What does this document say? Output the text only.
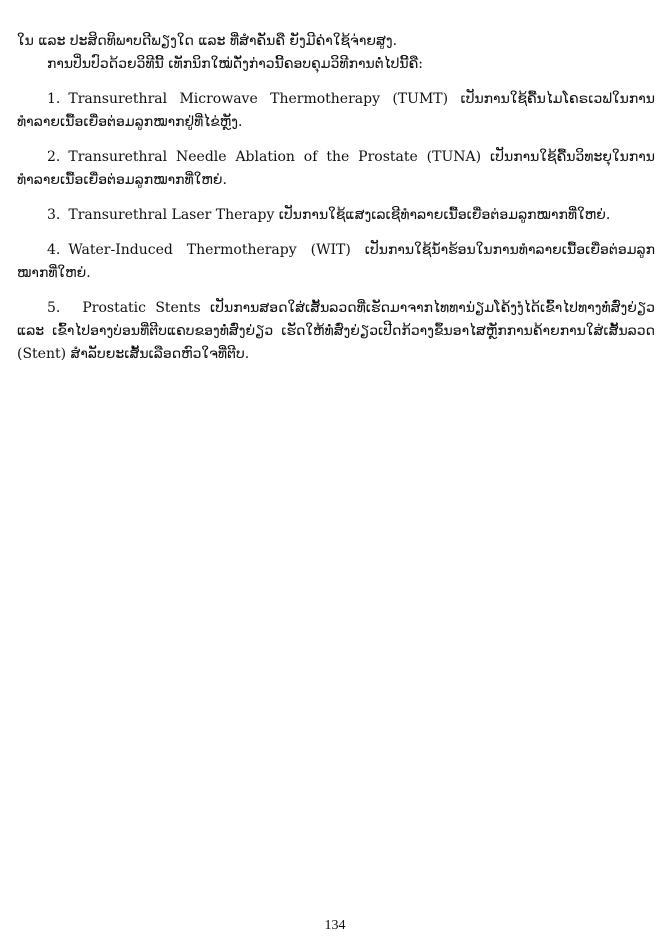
ໃນ ແລະ ປະສິດທິພາບດີພຽງໃດ ແລະ ທີ່ສຳຄັນຄື ຍັງມີຄ່າໃຊ້ຈ່າຍສູງ.

ການປິ່ນປົວດ້ວຍວິທີນີ້ ເທັກນິກໃໝ່ດັ່ງກ່າວນີ້ຄອບຄຸມວິທີການຕໍ່ໄປນີ້ຄື:

1. Transurethral Microwave Thermotherapy (TUMT) ເປັນການໃຊ້ຄື້ນໄມໂຄຣເວຟໃນການທຳລາຍເນື້ອເຍື່ອຕ່ອມລູກໝາກຢູ່ທີ່ໄຂ່ຫຼັງ.

2. Transurethral Needle Ablation of the Prostate (TUNA) ເປັນການໃຊ້ຄື້ນວິທະຍຸໃນການທຳລາຍເນື້ອເຍື່ອຕ່ອມລູກໝາກທີ່ໃຫຍ່.

3. Transurethral Laser Therapy ເປັນການໃຊ້ແສງເລເຊີທຳລາຍເນື້ອເຍື່ອຕ່ອມລູກໝາກທີ່ໃຫຍ່.

4. Water-Induced Thermotherapy (WIT) ເປັນການໃຊ້ນ້ຳຮ້ອນໃນການທຳລາຍເນື້ອເຍື່ອຕ່ອມລູກໝາກທີ່ໃຫຍ່.

5. Prostatic Stents ເປັນການສອດໃສ່ເສັ້ນລວດທີ່ເຮັດມາຈາກໄທທານ່ຽມໂຄ້ງງໍໄດ້ເຂົ້າໄປທາງທໍ່ສົ່ງຍ່ຽວ ແລະ ເຂົ້າໄປອາງບ່ອນທີ່ຕີບແຄບຂອງທໍ່ສົ່ງຍ່ຽວ ເຮັດໃຫ້ທໍ່ສົ່ງຍ່ຽວເປີດກ້ວາງຂຶ້ນອາໄສຫຼັກການຄ້າຍການໃສ່ເສັ້ນລວດ (Stent) ສຳລັບຍະເສັ້ນເລືອດຫົວໃຈທີ່ຕີບ.

134
